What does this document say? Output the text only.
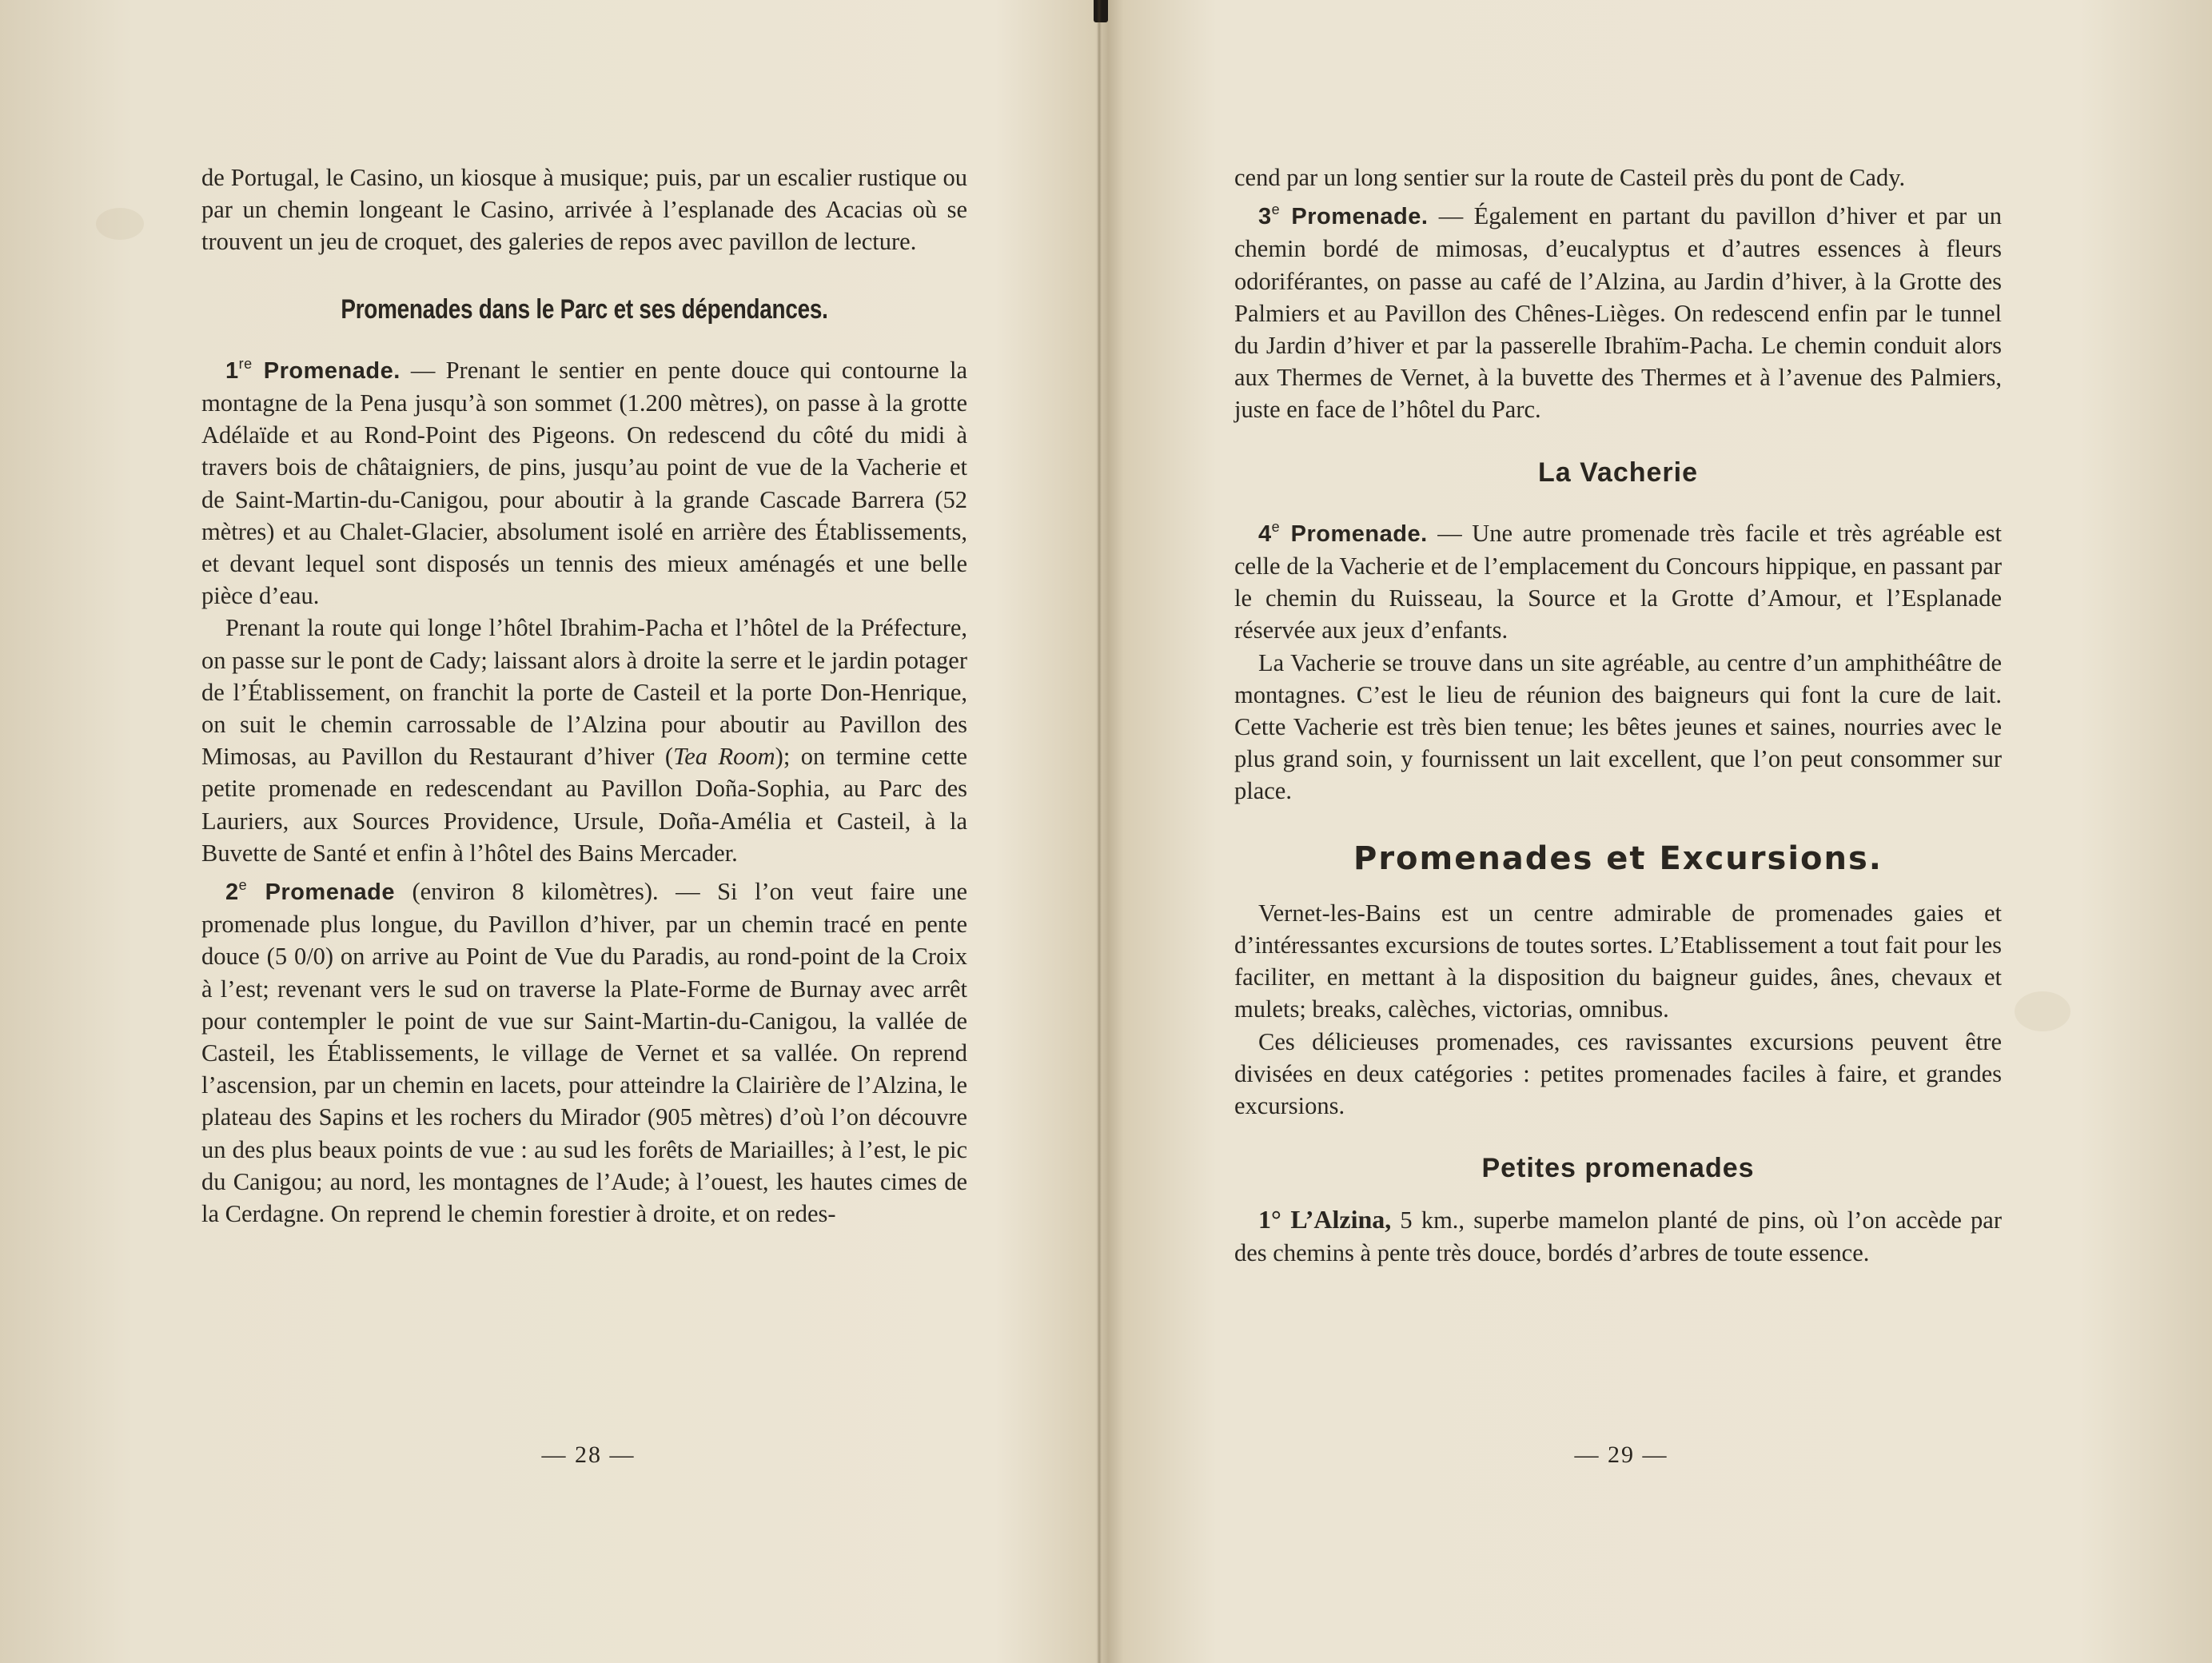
de Portugal, le Casino, un kiosque à musique; puis, par un escalier rustique ou par un chemin longeant le Casino, arrivée à l’esplanade des Acacias où se trouvent un jeu de croquet, des galeries de repos avec pavillon de lecture.

Promenades dans le Parc et ses dépendances.

1re Promenade. — Prenant le sentier en pente douce qui contourne la montagne de la Pena jusqu’à son sommet (1.200 mètres), on passe à la grotte Adélaïde et au Rond-Point des Pigeons. On redescend du côté du midi à travers bois de châtaigniers, de pins, jusqu’au point de vue de la Vacherie et de Saint-Martin-du-Canigou, pour aboutir à la grande Cascade Barrera (52 mètres) et au Chalet-Glacier, absolument isolé en arrière des Établissements, et devant lequel sont disposés un tennis des mieux aménagés et une belle pièce d’eau.

Prenant la route qui longe l’hôtel Ibrahim-Pacha et l’hôtel de la Préfecture, on passe sur le pont de Cady; laissant alors à droite la serre et le jardin potager de l’Établissement, on franchit la porte de Casteil et la porte Don-Henrique, on suit le chemin carrossable de l’Alzina pour aboutir au Pavillon des Mimosas, au Pavillon du Restaurant d’hiver (Tea Room); on termine cette petite promenade en redescendant au Pavillon Doña-Sophia, au Parc des Lauriers, aux Sources Providence, Ursule, Doña-Amélia et Casteil, à la Buvette de Santé et enfin à l’hôtel des Bains Mercader.

2e Promenade (environ 8 kilomètres). — Si l’on veut faire une promenade plus longue, du Pavillon d’hiver, par un chemin tracé en pente douce (5 0/0) on arrive au Point de Vue du Paradis, au rond-point de la Croix à l’est; revenant vers le sud on traverse la Plate-Forme de Burnay avec arrêt pour contempler le point de vue sur Saint-Martin-du-Canigou, la vallée de Casteil, les Établissements, le village de Vernet et sa vallée. On reprend l’ascension, par un chemin en lacets, pour atteindre la Clairière de l’Alzina, le plateau des Sapins et les rochers du Mirador (905 mètres) d’où l’on découvre un des plus beaux points de vue : au sud les forêts de Mariailles; à l’est, le pic du Canigou; au nord, les montagnes de l’Aude; à l’ouest, les hautes cimes de la Cerdagne. On reprend le chemin forestier à droite, et on redes-

— 28 —

cend par un long sentier sur la route de Casteil près du pont de Cady.

3e Promenade. — Également en partant du pavillon d’hiver et par un chemin bordé de mimosas, d’eucalyptus et d’autres essences à fleurs odoriférantes, on passe au café de l’Alzina, au Jardin d’hiver, à la Grotte des Palmiers et au Pavillon des Chênes-Lièges. On redescend enfin par le tunnel du Jardin d’hiver et par la passerelle Ibrahïm-Pacha. Le chemin conduit alors aux Thermes de Vernet, à la buvette des Thermes et à l’avenue des Palmiers, juste en face de l’hôtel du Parc.

La Vacherie

4e Promenade. — Une autre promenade très facile et très agréable est celle de la Vacherie et de l’emplacement du Concours hippique, en passant par le chemin du Ruisseau, la Source et la Grotte d’Amour, et l’Esplanade réservée aux jeux d’enfants.

La Vacherie se trouve dans un site agréable, au centre d’un amphithéâtre de montagnes. C’est le lieu de réunion des baigneurs qui font la cure de lait. Cette Vacherie est très bien tenue; les bêtes jeunes et saines, nourries avec le plus grand soin, y fournissent un lait excellent, que l’on peut consommer sur place.

Promenades et Excursions.

Vernet-les-Bains est un centre admirable de promenades gaies et d’intéressantes excursions de toutes sortes. L’Etablissement a tout fait pour les faciliter, en mettant à la disposition du baigneur guides, ânes, chevaux et mulets; breaks, calèches, victorias, omnibus.

Ces délicieuses promenades, ces ravissantes excursions peuvent être divisées en deux catégories : petites promenades faciles à faire, et grandes excursions.

Petites promenades

1° L’Alzina, 5 km., superbe mamelon planté de pins, où l’on accède par des chemins à pente très douce, bordés d’arbres de toute essence.

— 29 —
